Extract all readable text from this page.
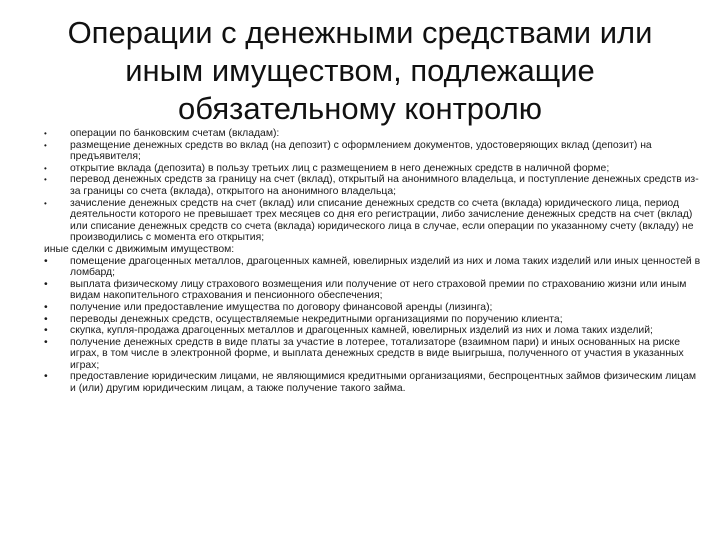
Операции с денежными средствами или
иным имуществом, подлежащие
обязательному контролю

•	операции по банковским счетам (вкладам):

•	размещение денежных средств во вклад (на депозит) с оформлением документов, удостоверяющих вклад (депозит) на предъявителя;

•	открытие вклада (депозита) в пользу третьих лиц с размещением в него денежных средств в наличной форме;

•	перевод денежных средств за границу на счет (вклад), открытый на анонимного владельца, и поступление денежных средств из-за границы со счета (вклада), открытого на анонимного владельца;

•	зачисление денежных средств на счет (вклад) или списание денежных средств со счета (вклада) юридического лица, период деятельности которого не превышает трех месяцев со дня его регистрации, либо зачисление денежных средств на счет (вклад) или списание денежных средств со счета (вклада) юридического лица в случае, если операции по указанному счету (вкладу) не производились с момента его открытия;

иные сделки с движимым имуществом:

•	помещение драгоценных металлов, драгоценных камней, ювелирных изделий из них и лома таких изделий или иных ценностей в ломбард;

•	выплата физическому лицу страхового возмещения или получение от него страховой премии по страхованию жизни или иным видам накопительного страхования и пенсионного обеспечения;

•	получение или предоставление имущества по договору финансовой аренды (лизинга);

•	переводы денежных средств, осуществляемые некредитными организациями по поручению клиента;

•	скупка, купля-продажа драгоценных металлов и драгоценных камней, ювелирных изделий из них и лома таких изделий;

•	получение денежных средств в виде платы за участие в лотерее, тотализаторе (взаимном пари) и иных основанных на риске играх, в том числе в электронной форме, и выплата денежных средств в виде выигрыша, полученного от участия в указанных играх;

•	предоставление юридическим лицами, не являющимися кредитными организациями, беспроцентных займов физическим лицам и (или) другим юридическим лицам, а также получение такого займа.
